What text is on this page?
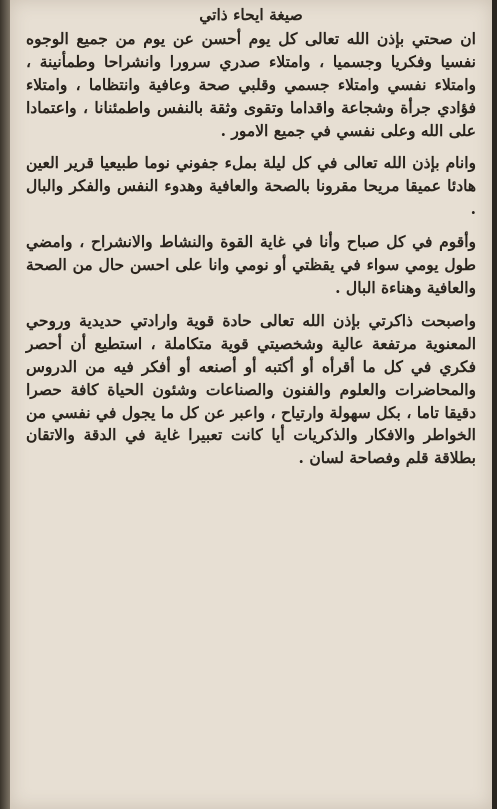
صيغة ايحاء ذاتي

ان صحتي بإذن الله تعالى كل يوم أحسن عن يوم من جميع الوجوه نفسيا وفكريا وجسميا ، وامتلاء صدري سرورا وانشراحا وطمأنينة ، وامتلاء نفسي وامتلاء جسمي وقلبي صحة وعافية وانتظاما ، وامتلاء فؤادي جرأة وشجاعة واقداما وتقوى وثقة بالنفس واطمئنانا ، واعتمادا على الله وعلى نفسي في جميع الامور .

وانام بإذن الله تعالى في كل ليلة بملء جفوني نوما طبيعيا قرير العين هادئا عميقا مريحا مقرونا بالصحة والعافية وهدوء النفس والفكر والبال .

وأقوم في كل صباح وأنا في غاية القوة والنشاط والانشراح ، وامضي طول يومي سواء في يقظتي أو نومي وانا على احسن حال من الصحة والعافية وهناءة البال .

واصبحت ذاكرتي بإذن الله تعالى حادة قوية وارادتي حديدية وروحي المعنوية مرتفعة عالية وشخصيتي قوية متكاملة ، استطيع أن أحصر فكري في كل ما أقرأه أو أكتبه أو أصنعه أو أفكر فيه من الدروس والمحاضرات والعلوم والفنون والصناعات وشئون الحياة كافة حصرا دقيقا تاما ، بكل سهولة وارتياح ، واعبر عن كل ما يجول في نفسي من الخواطر والافكار والذكريات أيا كانت تعبيرا غاية في الدقة والاتقان بطلاقة قلم وفصاحة لسان .
